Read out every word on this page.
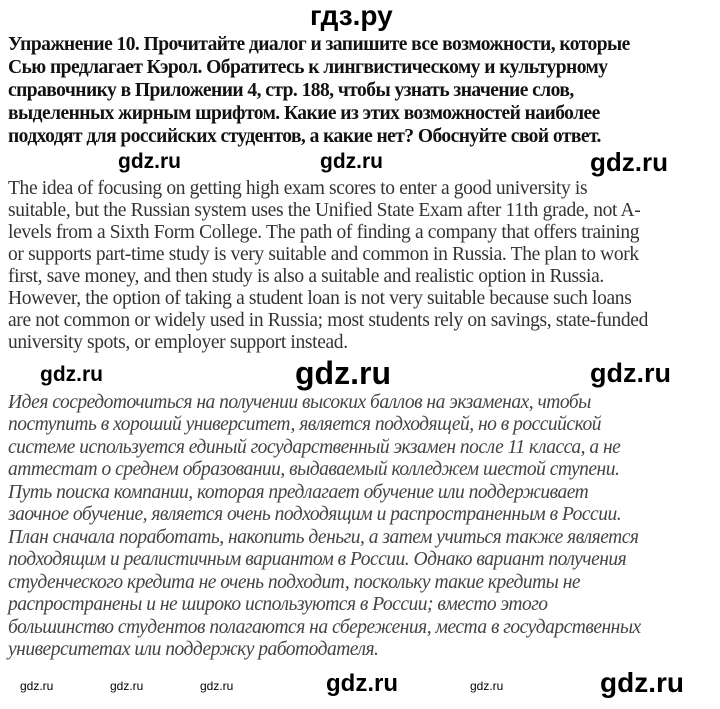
гдз.ру
Упражнение 10. Прочитайте диалог и запишите все возможности, которые
Сью предлагает Кэрол. Обратитесь к лингвистическому и культурному
справочнику в Приложении 4, стр. 188, чтобы узнать значение слов,
выделенных жирным шрифтом. Какие из этих возможностей наиболее
подходят для российских студентов, а какие нет? Обоснуйте свой ответ.
The idea of focusing on getting high exam scores to enter a good university is
suitable, but the Russian system uses the Unified State Exam after 11th grade, not A-
levels from a Sixth Form College. The path of finding a company that offers training
or supports part-time study is very suitable and common in Russia. The plan to work
first, save money, and then study is also a suitable and realistic option in Russia.
However, the option of taking a student loan is not very suitable because such loans
are not common or widely used in Russia; most students rely on savings, state-funded
university spots, or employer support instead.
Идея сосредоточиться на получении высоких баллов на экзаменах, чтобы
поступить в хороший университет, является подходящей, но в российской
системе используется единый государственный экзамен после 11 класса, а не
аттестат о среднем образовании, выдаваемый колледжем шестой ступени.
Путь поиска компании, которая предлагает обучение или поддерживает
заочное обучение, является очень подходящим и распространенным в России.
План сначала поработать, накопить деньги, а затем учиться также является
подходящим и реалистичным вариантом в России. Однако вариант получения
студенческого кредита не очень подходит, поскольку такие кредиты не
распространены и не широко используются в России; вместо этого
большинство студентов полагаются на сбережения, места в государственных
университетах или поддержку работодателя.
gdz.ru	gdz.ru	gdz.ru
gdz.ru	gdz.ru	gdz.ru
gdz.ru	gdz.ru	gdz.ru	gdz.ru	gdz.ru	gdz.ru
